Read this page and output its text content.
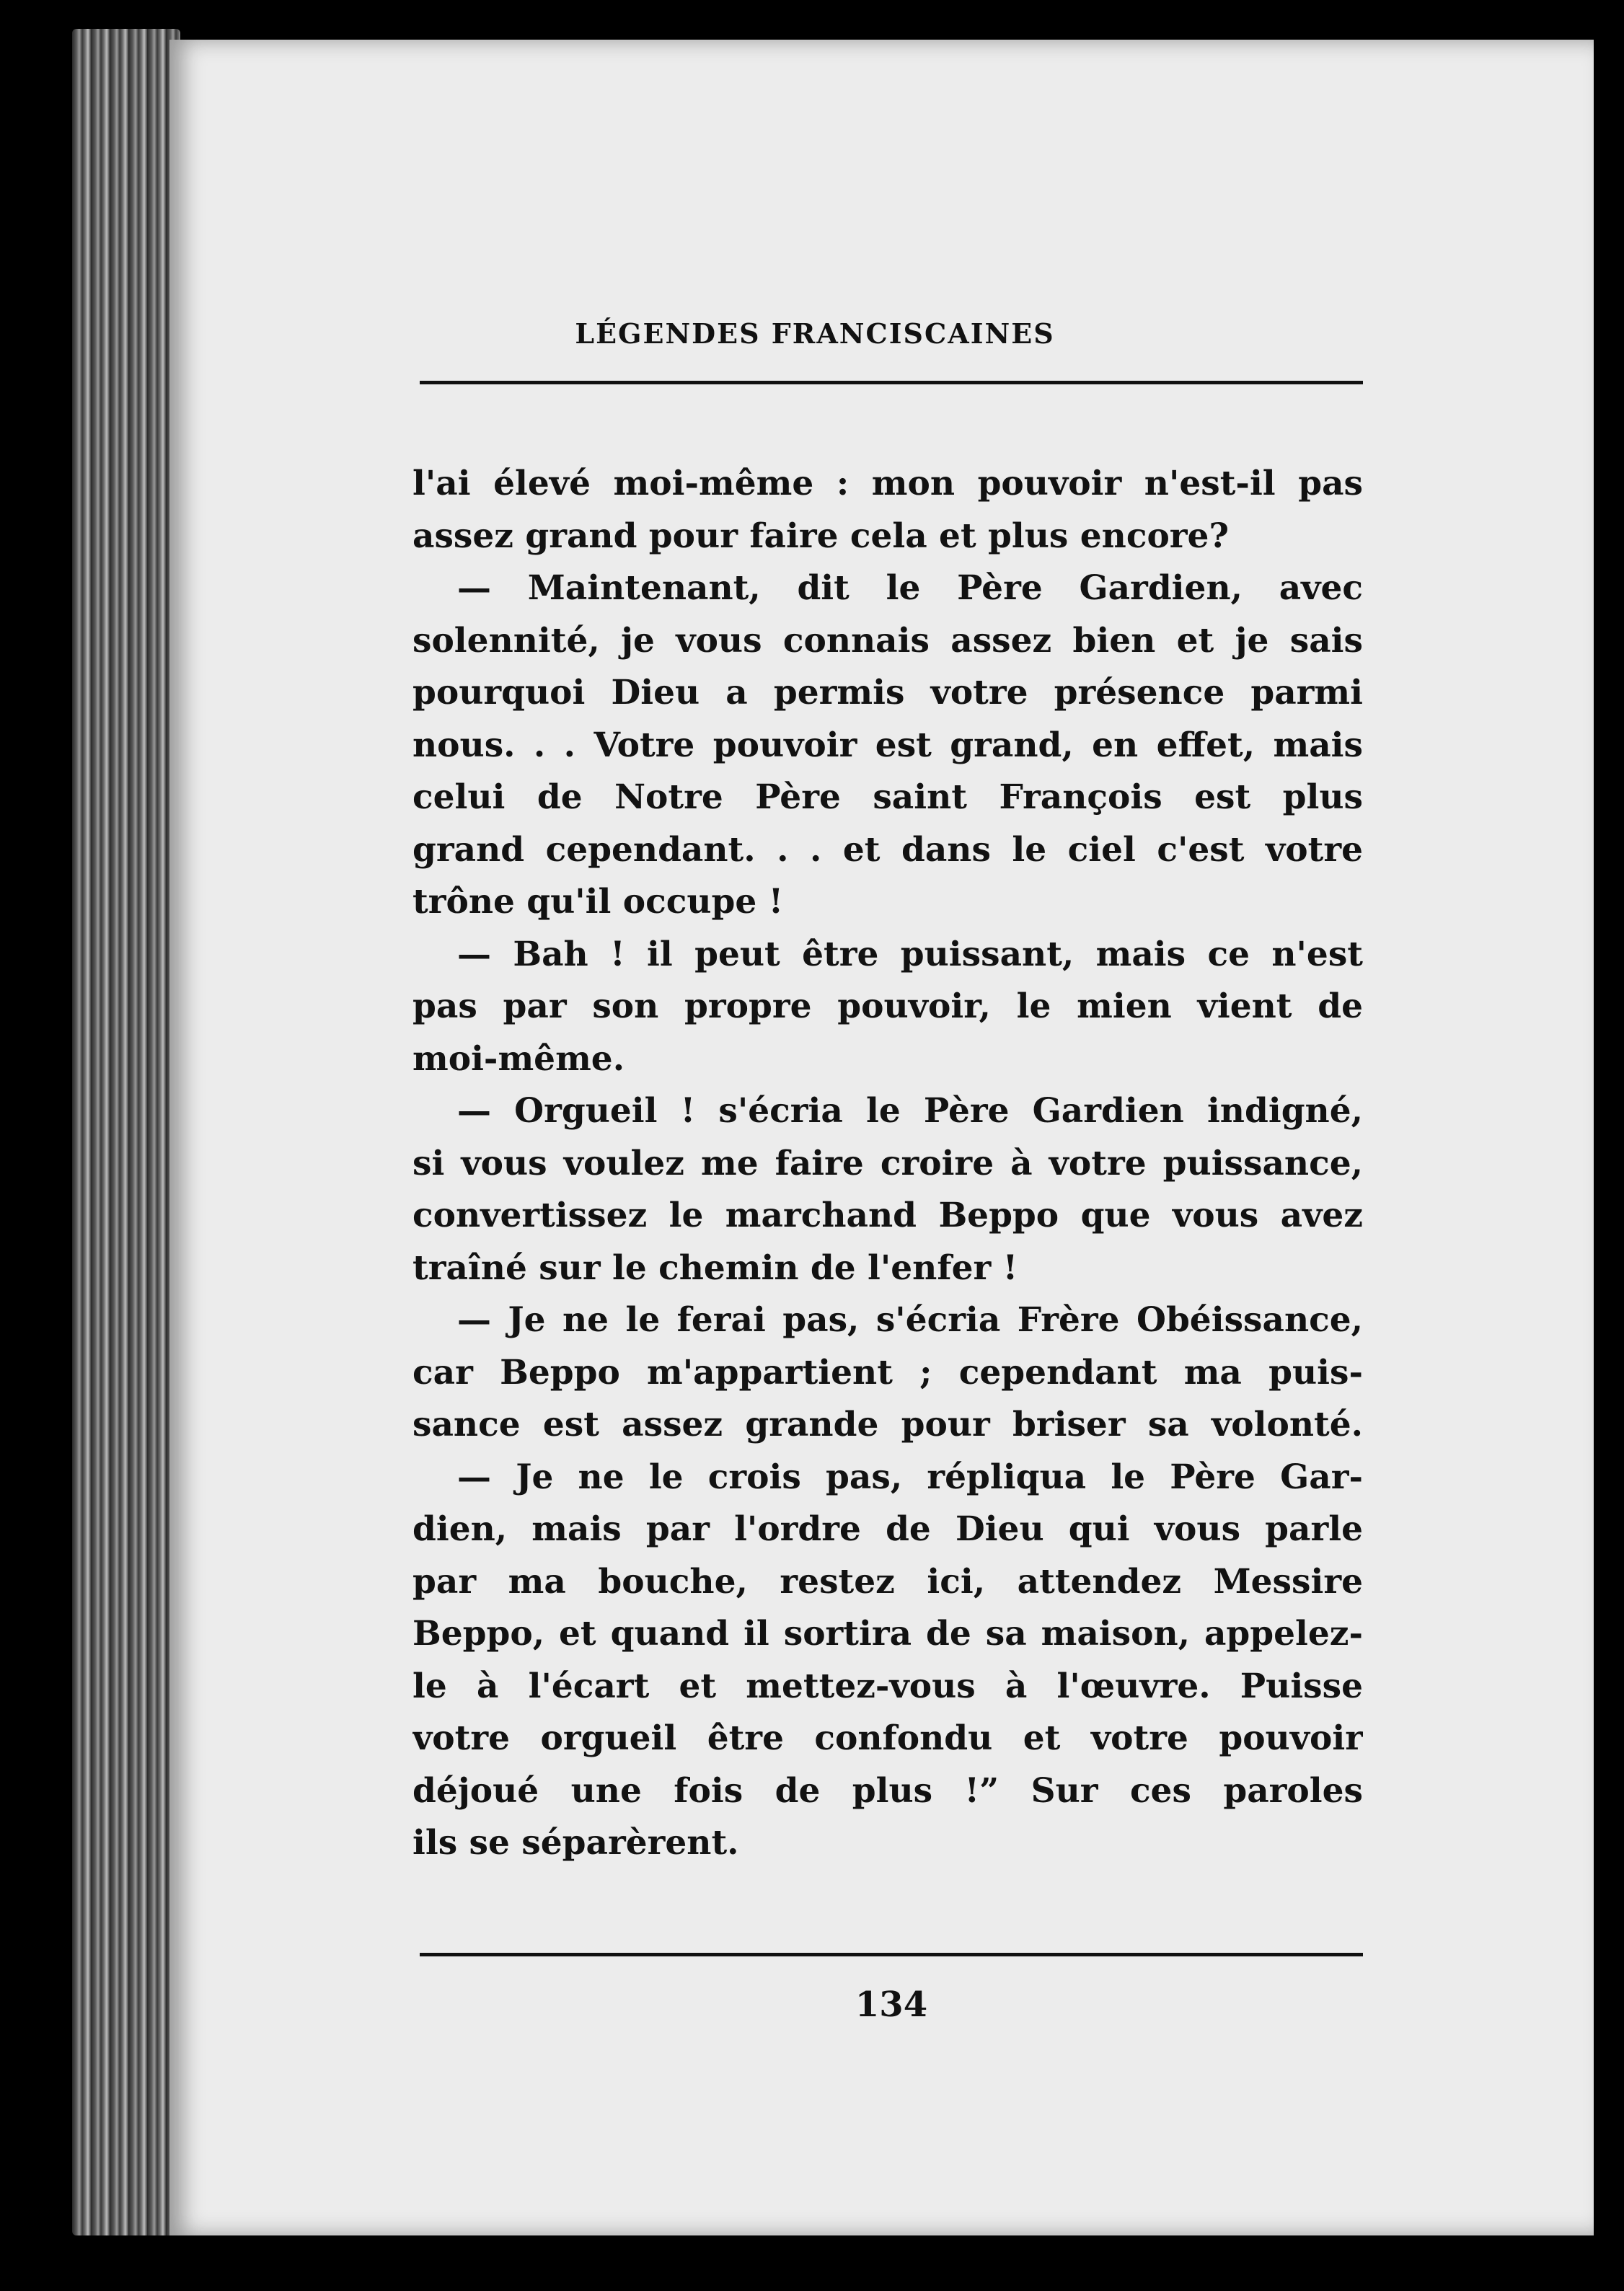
LÉGENDES FRANCISCAINES
l'ai élevé moi-même : mon pouvoir n'est-il pas
assez grand pour faire cela et plus encore?
— Maintenant, dit le Père Gardien, avec
solennité, je vous connais assez bien et je sais
pourquoi Dieu a permis votre présence parmi
nous. . . Votre pouvoir est grand, en effet, mais
celui de Notre Père saint François est plus
grand cependant. . . et dans le ciel c'est votre
trône qu'il occupe !
— Bah ! il peut être puissant, mais ce n'est
pas par son propre pouvoir, le mien vient de
moi-même.
— Orgueil ! s'écria le Père Gardien indigné,
si vous voulez me faire croire à votre puissance,
convertissez le marchand Beppo que vous avez
traîné sur le chemin de l'enfer !
— Je ne le ferai pas, s'écria Frère Obéissance,
car Beppo m'appartient ; cependant ma puis-
sance est assez grande pour briser sa volonté.
— Je ne le crois pas, répliqua le Père Gar-
dien, mais par l'ordre de Dieu qui vous parle
par ma bouche, restez ici, attendez Messire
Beppo, et quand il sortira de sa maison, appelez-
le à l'écart et mettez-vous à l'œuvre. Puisse
votre orgueil être confondu et votre pouvoir
déjoué une fois de plus !” Sur ces paroles
ils se séparèrent.
134
